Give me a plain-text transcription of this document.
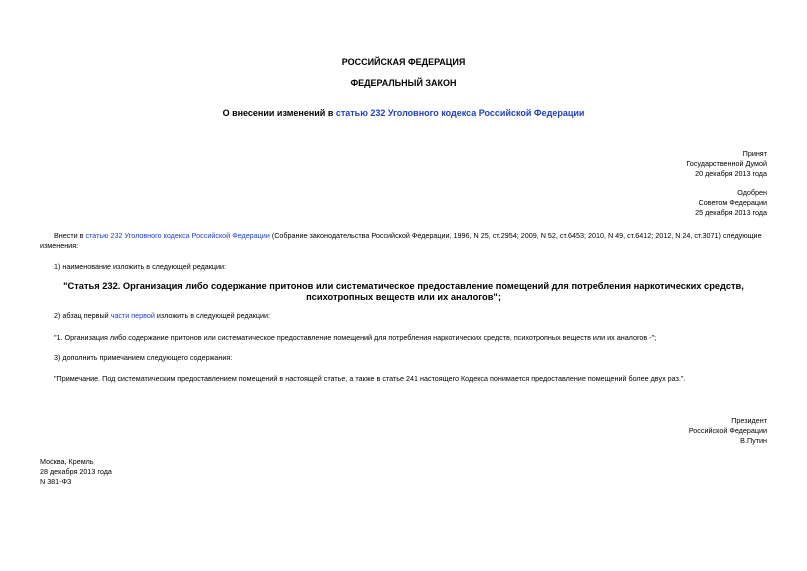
РОССИЙСКАЯ ФЕДЕРАЦИЯ
ФЕДЕРАЛЬНЫЙ ЗАКОН
О внесении изменений в статью 232 Уголовного кодекса Российской Федерации
Принят
Государственной Думой
20 декабря 2013 года
Одобрен
Советом Федерации
25 декабря 2013 года
Внести в статью 232 Уголовного кодекса Российской Федерации (Собрание законодательства Российской Федерации, 1996, N 25, ст.2954; 2009, N 52, ст.6453; 2010, N 49, ст.6412; 2012, N 24, ст.3071) следующие изменения:
1) наименование изложить в следующей редакции:
"Статья 232. Организация либо содержание притонов или систематическое предоставление помещений для потребления наркотических средств, психотропных веществ или их аналогов";
2) абзац первый части первой изложить в следующей редакции:
"1. Организация либо содержание притонов или систематическое предоставление помещений для потребления наркотических средств, психотропных веществ или их аналогов -";
3) дополнить примечанием следующего содержания:
"Примечание. Под систематическим предоставлением помещений в настоящей статье, а также в статье 241 настоящего Кодекса понимается предоставление помещений более двух раз.".
Президент
Российской Федерации
В.Путин
Москва, Кремль
28 декабря 2013 года
N 381-ФЗ
